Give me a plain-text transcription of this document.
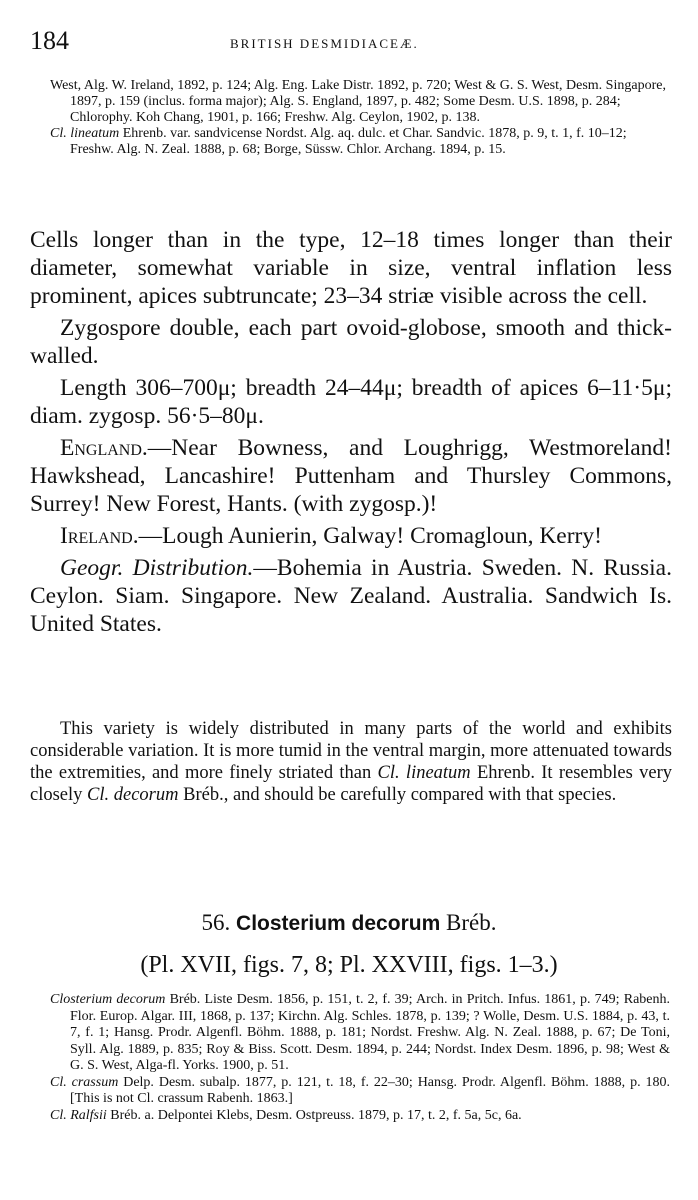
184	BRITISH DESMIDIACEÆ.

West, Alg. W. Ireland, 1892, p. 124; Alg. Eng. Lake Distr. 1892, p. 720; West & G. S. West, Desm. Singapore, 1897, p. 159 (inclus. forma major); Alg. S. England, 1897, p. 482; Some Desm. U.S. 1898, p. 284; Chlorophy. Koh Chang, 1901, p. 166; Freshw. Alg. Ceylon, 1902, p. 138.

Cl. lineatum Ehrenb. var. sandvicense Nordst. Alg. aq. dulc. et Char. Sandvic. 1878, p. 9, t. 1, f. 10–12; Freshw. Alg. N. Zeal. 1888, p. 68; Borge, Süssw. Chlor. Archang. 1894, p. 15.

Cells longer than in the type, 12–18 times longer than their diameter, somewhat variable in size, ventral inflation less prominent, apices subtruncate; 23–34 striæ visible across the cell.

Zygospore double, each part ovoid-globose, smooth and thick-walled.

Length 306–700μ; breadth 24–44μ; breadth of apices 6–11·5μ; diam. zygosp. 56·5–80μ.

England.—Near Bowness, and Loughrigg, Westmoreland! Hawkshead, Lancashire! Puttenham and Thursley Commons, Surrey! New Forest, Hants. (with zygosp.)!

Ireland.—Lough Aunierin, Galway! Cromagloun, Kerry!

Geogr. Distribution.—Bohemia in Austria. Sweden. N. Russia. Ceylon. Siam. Singapore. New Zealand. Australia. Sandwich Is. United States.

This variety is widely distributed in many parts of the world and exhibits considerable variation. It is more tumid in the ventral margin, more attenuated towards the extremities, and more finely striated than Cl. lineatum Ehrenb. It resembles very closely Cl. decorum Bréb., and should be carefully compared with that species.

56. Closterium decorum Bréb.
(Pl. XVII, figs. 7, 8; Pl. XXVIII, figs. 1–3.)

Closterium decorum Bréb. Liste Desm. 1856, p. 151, t. 2, f. 39; Arch. in Pritch. Infus. 1861, p. 749; Rabenh. Flor. Europ. Algar. III, 1868, p. 137; Kirchn. Alg. Schles. 1878, p. 139; ? Wolle, Desm. U.S. 1884, p. 43, t. 7, f. 1; Hansg. Prodr. Algenfl. Böhm. 1888, p. 181; Nordst. Freshw. Alg. N. Zeal. 1888, p. 67; De Toni, Syll. Alg. 1889, p. 835; Roy & Biss. Scott. Desm. 1894, p. 244; Nordst. Index Desm. 1896, p. 98; West & G. S. West, Alga-fl. Yorks. 1900, p. 51.

Cl. crassum Delp. Desm. subalp. 1877, p. 121, t. 18, f. 22–30; Hansg. Prodr. Algenfl. Böhm. 1888, p. 180. [This is not Cl. crassum Rabenh. 1863.]

Cl. Ralfsii Bréb. a. Delpontei Klebs, Desm. Ostpreuss. 1879, p. 17, t. 2, f. 5a, 5c, 6a.
